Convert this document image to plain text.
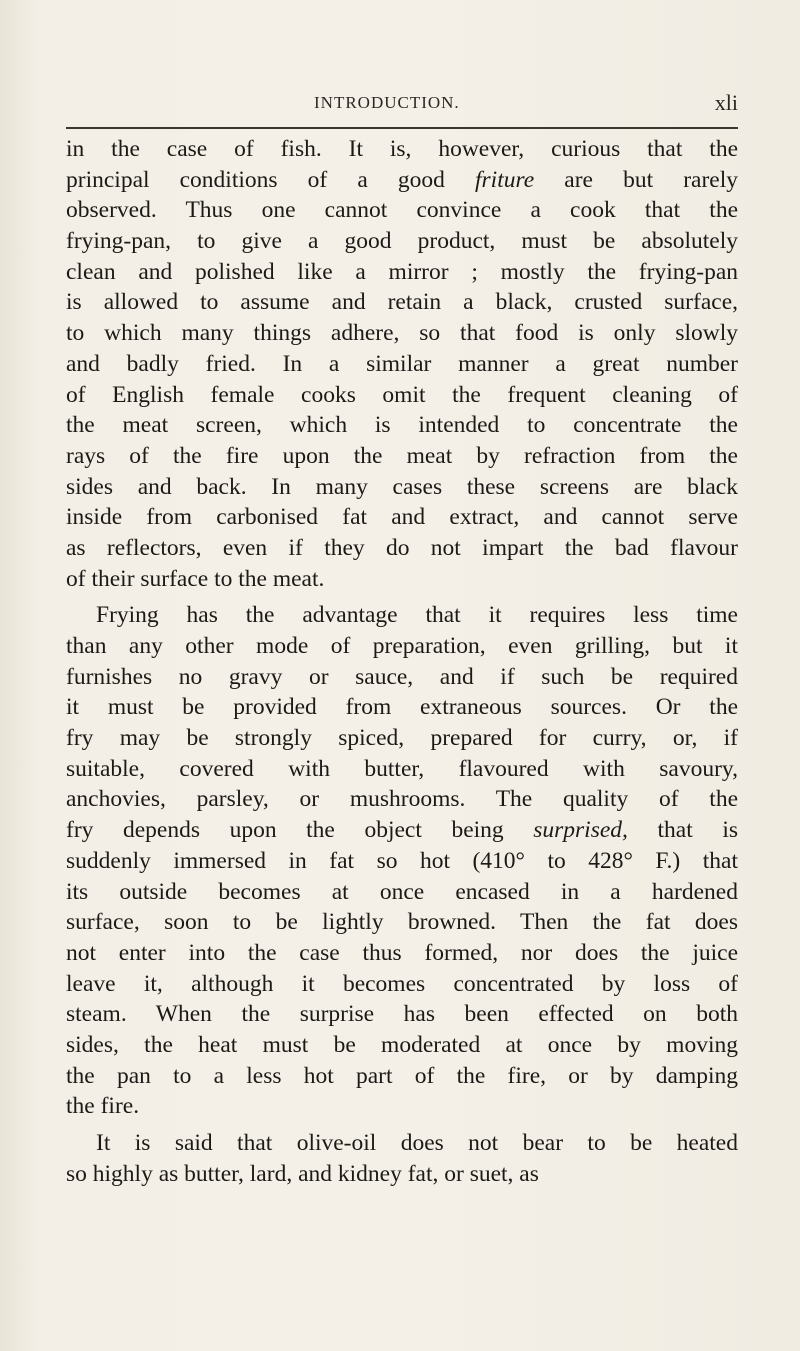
INTRODUCTION.	xli
in the case of fish. It is, however, curious that the
principal conditions of a good friture are but rarely
observed. Thus one cannot convince a cook that the
frying-pan, to give a good product, must be absolutely
clean and polished like a mirror ; mostly the frying-pan
is allowed to assume and retain a black, crusted surface,
to which many things adhere, so that food is only slowly
and badly fried. In a similar manner a great number
of English female cooks omit the frequent cleaning of
the meat screen, which is intended to concentrate the
rays of the fire upon the meat by refraction from the
sides and back. In many cases these screens are black
inside from carbonised fat and extract, and cannot serve
as reflectors, even if they do not impart the bad flavour
of their surface to the meat.
Frying has the advantage that it requires less time
than any other mode of preparation, even grilling, but it
furnishes no gravy or sauce, and if such be required
it must be provided from extraneous sources. Or the
fry may be strongly spiced, prepared for curry, or, if
suitable, covered with butter, flavoured with savoury,
anchovies, parsley, or mushrooms. The quality of the
fry depends upon the object being surprised, that is
suddenly immersed in fat so hot (410° to 428° F.) that
its outside becomes at once encased in a hardened
surface, soon to be lightly browned. Then the fat does
not enter into the case thus formed, nor does the juice
leave it, although it becomes concentrated by loss of
steam. When the surprise has been effected on both
sides, the heat must be moderated at once by moving
the pan to a less hot part of the fire, or by damping
the fire.
It is said that olive-oil does not bear to be heated
so highly as butter, lard, and kidney fat, or suet, as
